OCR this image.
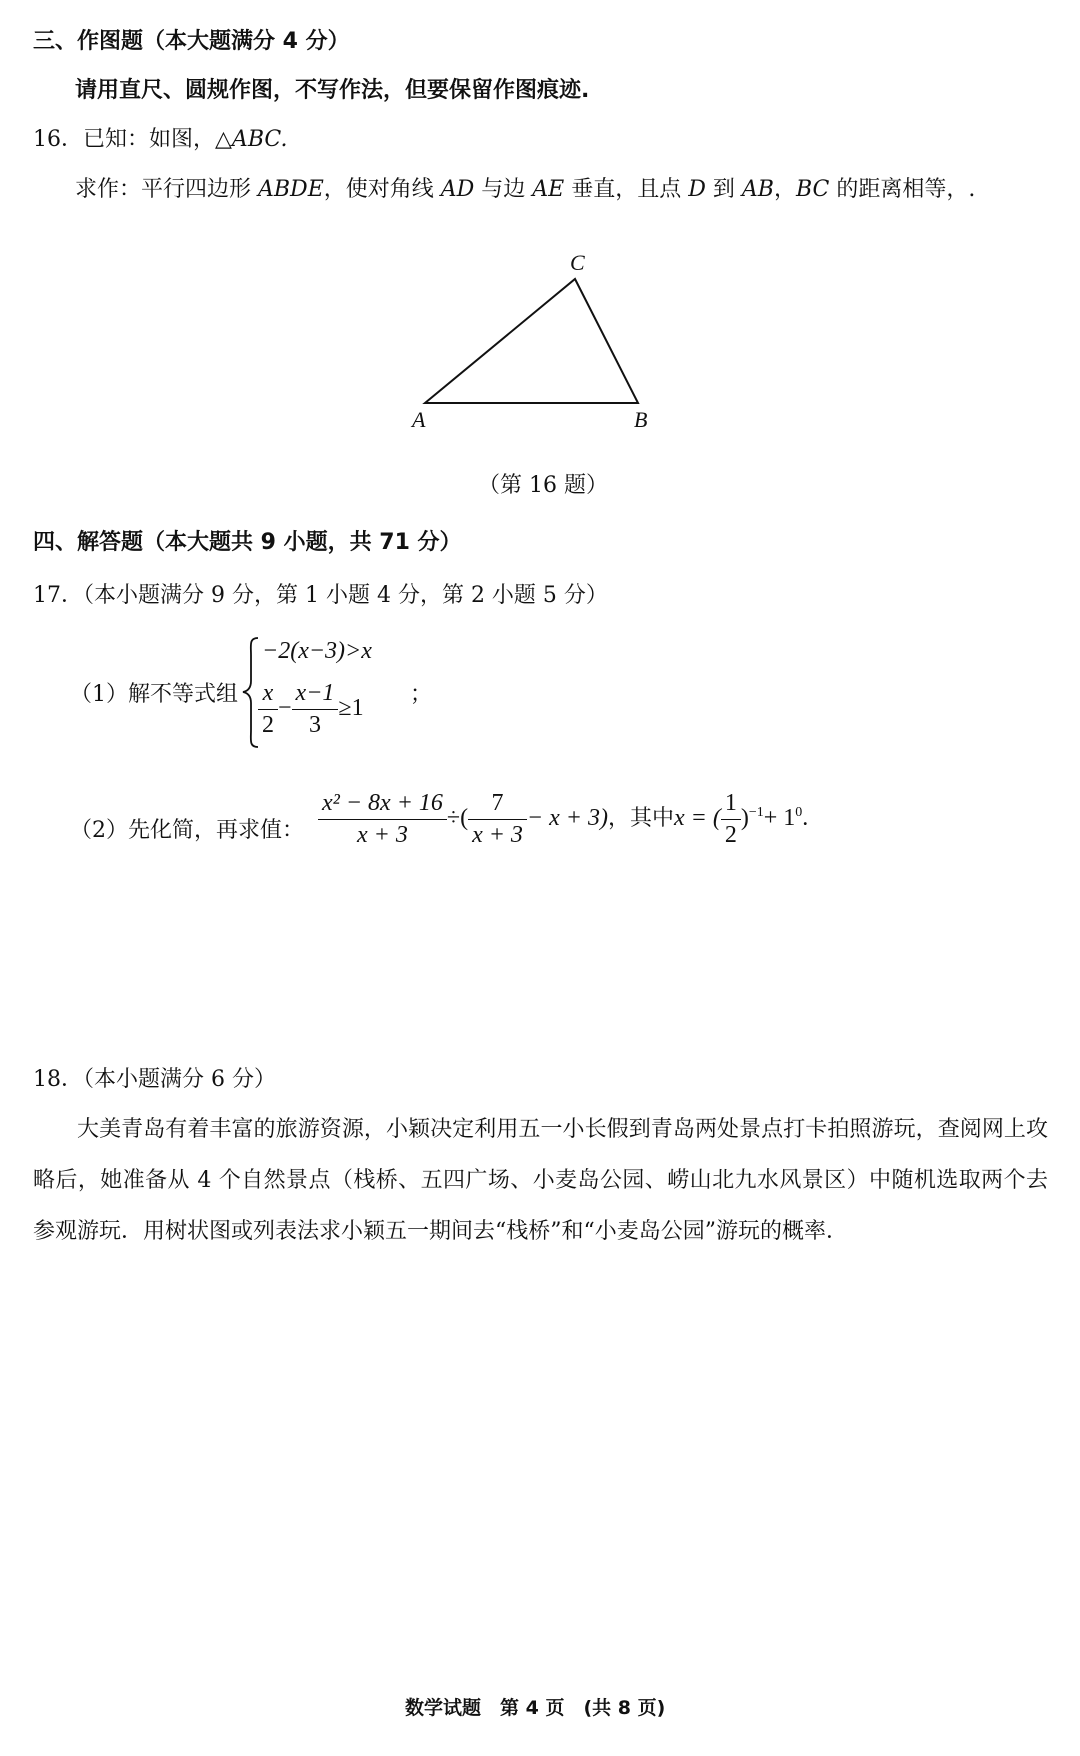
三、作图题（本大题满分 4 分）
请用直尺、圆规作图，不写作法，但要保留作图痕迹.
16．已知：如图，△ABC.
求作：平行四边形 ABDE，使对角线 AD 与边 AE 垂直，且点 D 到 AB，BC 的距离相等，.
A	B
C
（第 16 题）
四、解答题（本大题共 9 小题，共 71 分）
17．（本小题满分 9 分，第 1 小题 4 分，第 2 小题 5 分）
（1）解不等式组
−2(x−3)>x
$\frac{x}{2} - \frac{x-1}{3} \ge 1$
；
（2）先化简，再求值： $\frac{\text{x² − 8x + 16}}{x + 3}$ ÷( $\frac{7}{x + 3} - x + 3$)，其中x = ( $\frac{1}{2} )^{-1}+ 1^0$.
18．（本小题满分 6 分）
大美青岛有着丰富的旅游资源，小颖决定利用五一小长假到青岛两处景点打卡拍照游玩，查阅网上攻略后，她准备从 4 个自然景点（栈桥、五四广场、小麦岛公园、崂山北九水风景区）中随机选取两个去参观游玩．用树状图或列表法求小颖五一期间去“栈桥”和“小麦岛公园”游玩的概率．
数学试题　第 4 页　(共 8 页)
